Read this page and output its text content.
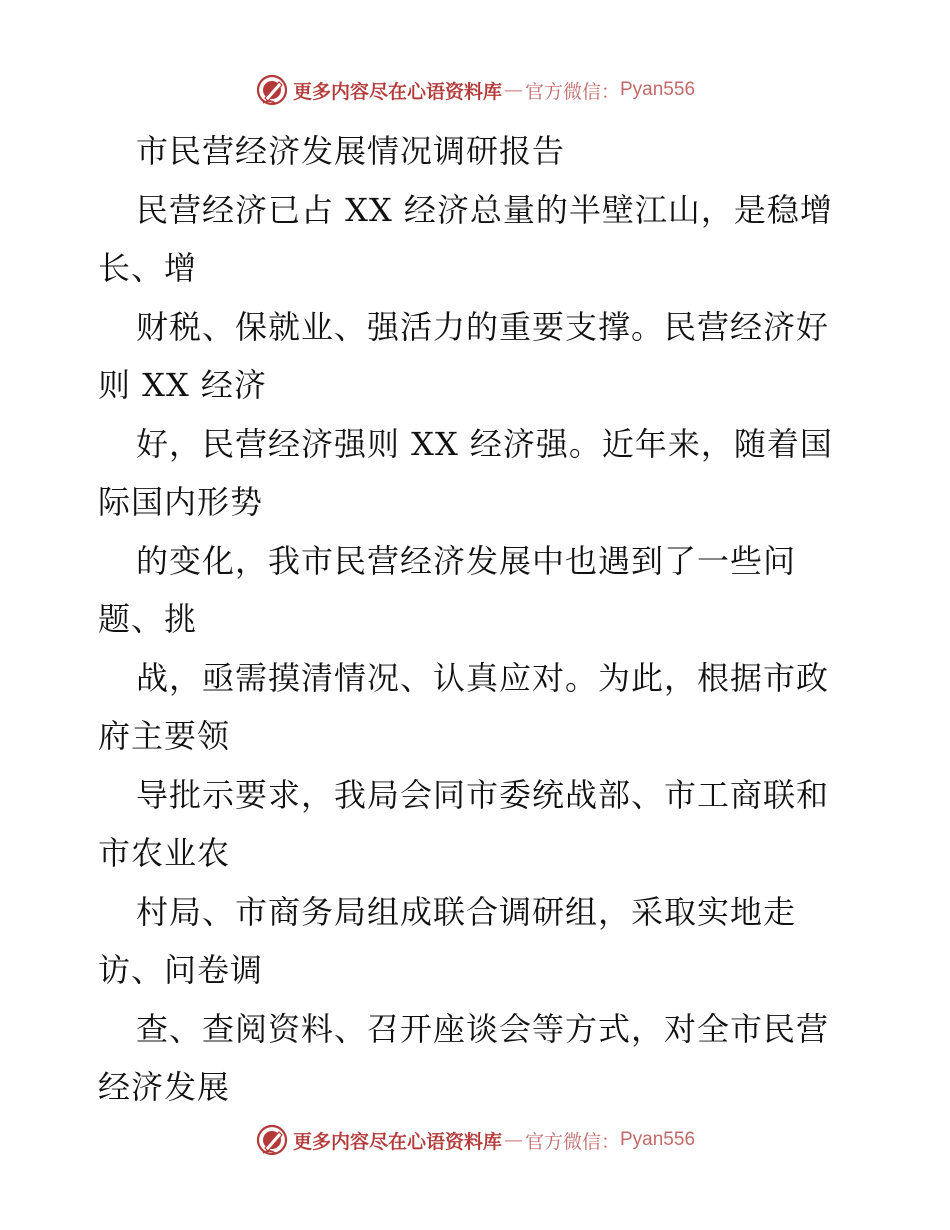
更多内容尽在心语资料库 — 官方微信： Pyan556
市民营经济发展情况调研报告
民营经济已占 XX 经济总量的半壁江山，是稳增
长、增
财税、保就业、强活力的重要支撑。民营经济好
则 XX 经济
好，民营经济强则 XX 经济强。近年来，随着国
际国内形势
的变化，我市民营经济发展中也遇到了一些问
题、挑
战，亟需摸清情况、认真应对。为此，根据市政
府主要领
导批示要求，我局会同市委统战部、市工商联和
市农业农
村局、市商务局组成联合调研组，采取实地走
访、问卷调
查、查阅资料、召开座谈会等方式，对全市民营
经济发展
更多内容尽在心语资料库 — 官方微信： Pyan556
